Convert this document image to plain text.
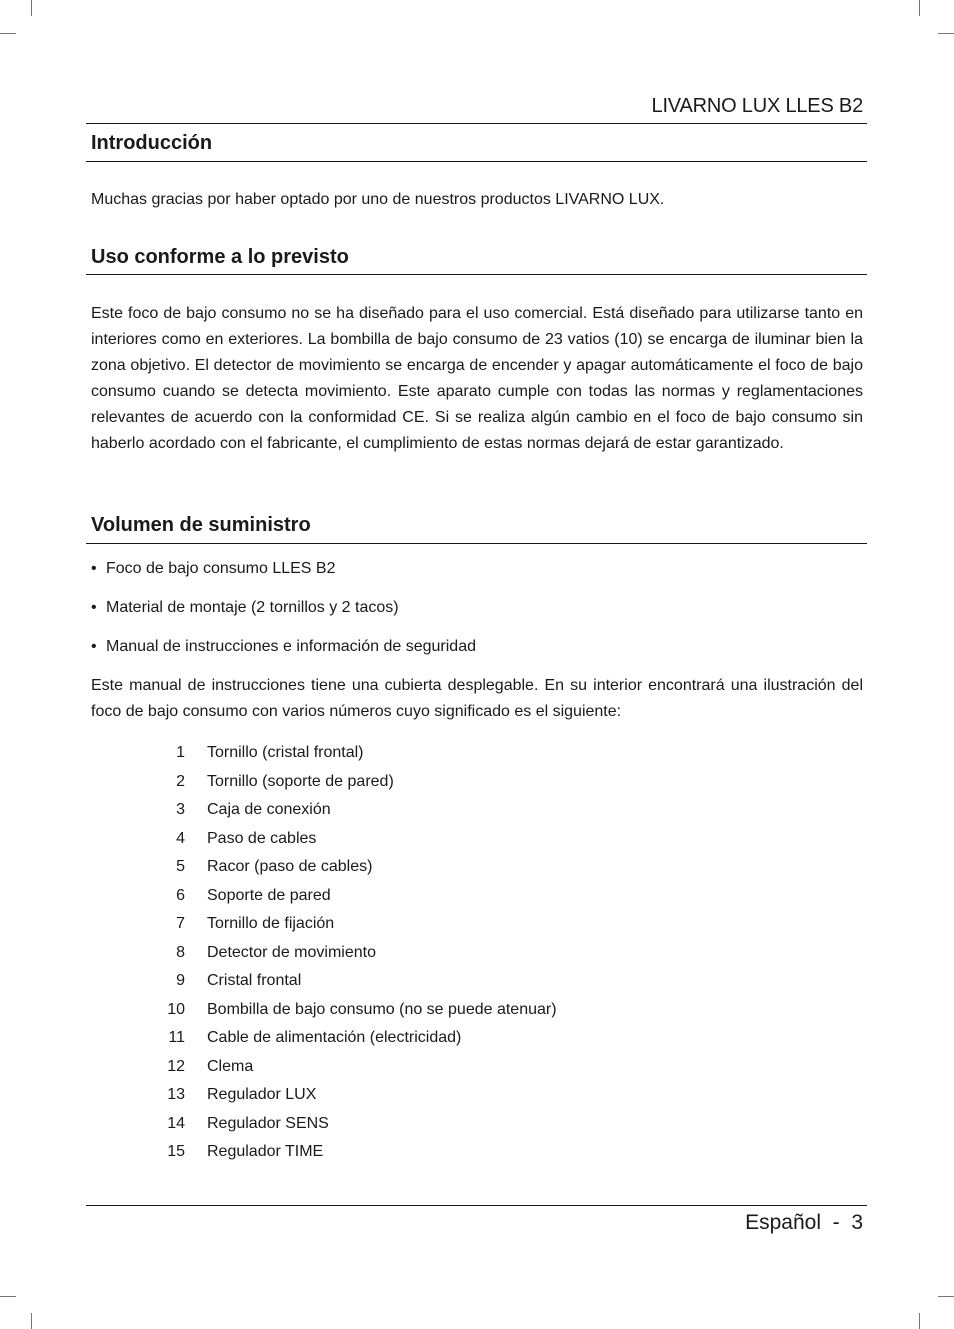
LIVARNO LUX LLES B2
Introducción
Muchas gracias por haber optado por uno de nuestros productos LIVARNO LUX.
Uso conforme a lo previsto
Este foco de bajo consumo no se ha diseñado para el uso comercial. Está diseñado para utilizarse tanto en interiores como en exteriores. La bombilla de bajo consumo de 23 vatios (10) se encarga de iluminar bien la zona objetivo. El detector de movimiento se encarga de encender y apagar automáticamente el foco de bajo consumo cuando se detecta movimiento. Este aparato cumple con todas las normas y reglamentaciones relevantes de acuerdo con la conformidad CE. Si se realiza algún cambio en el foco de bajo consumo sin haberlo acordado con el fabricante, el cumplimiento de estas normas dejará de estar garantizado.
Volumen de suministro
• Foco de bajo consumo LLES B2
• Material de montaje (2 tornillos y 2 tacos)
• Manual de instrucciones e información de seguridad
Este manual de instrucciones tiene una cubierta desplegable. En su interior encontrará una ilustración del foco de bajo consumo con varios números cuyo significado es el siguiente:
1 Tornillo (cristal frontal)
2 Tornillo (soporte de pared)
3 Caja de conexión
4 Paso de cables
5 Racor (paso de cables)
6 Soporte de pared
7 Tornillo de fijación
8 Detector de movimiento
9 Cristal frontal
10 Bombilla de bajo consumo (no se puede atenuar)
11 Cable de alimentación (electricidad)
12 Clema
13 Regulador LUX
14 Regulador SENS
15 Regulador TIME
Español  -  3
